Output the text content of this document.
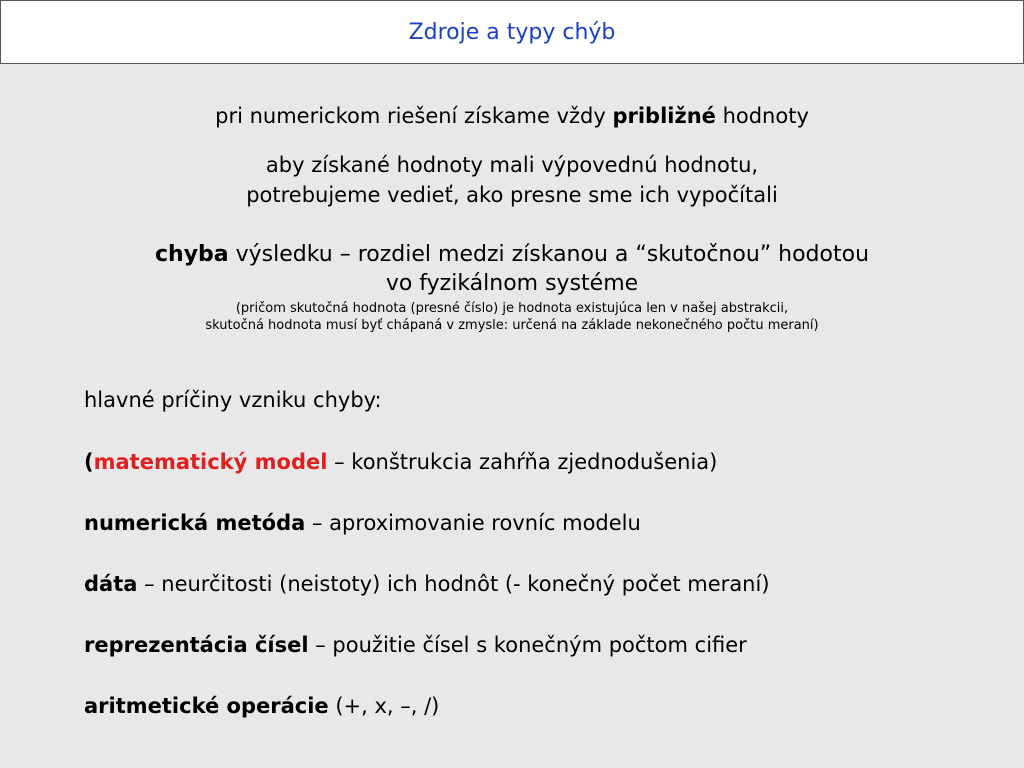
Zdroje a typy chýb
pri numerickom riešení získame vždy približné hodnoty
aby získané hodnoty mali výpovednú hodnotu,
potrebujeme vedieť, ako presne sme ich vypočítali
chyba výsledku – rozdiel medzi získanou a “skutočnou” hodotou
vo fyzikálnom systéme
(pričom skutočná hodnota (presné číslo) je hodnota existujúca len v našej abstrakcii,
skutočná hodnota musí byť chápaná v zmysle: určená na základe nekonečného počtu meraní)
hlavné príčiny vzniku chyby:
(matematický model – konštrukcia zahŕňa zjednodušenia)
numerická metóda – aproximovanie rovníc modelu
dáta – neurčitosti (neistoty) ich hodnôt (- konečný počet meraní)
reprezentácia čísel – použitie čísel s konečným počtom cifier
aritmetické operácie (+, x, –, /)
